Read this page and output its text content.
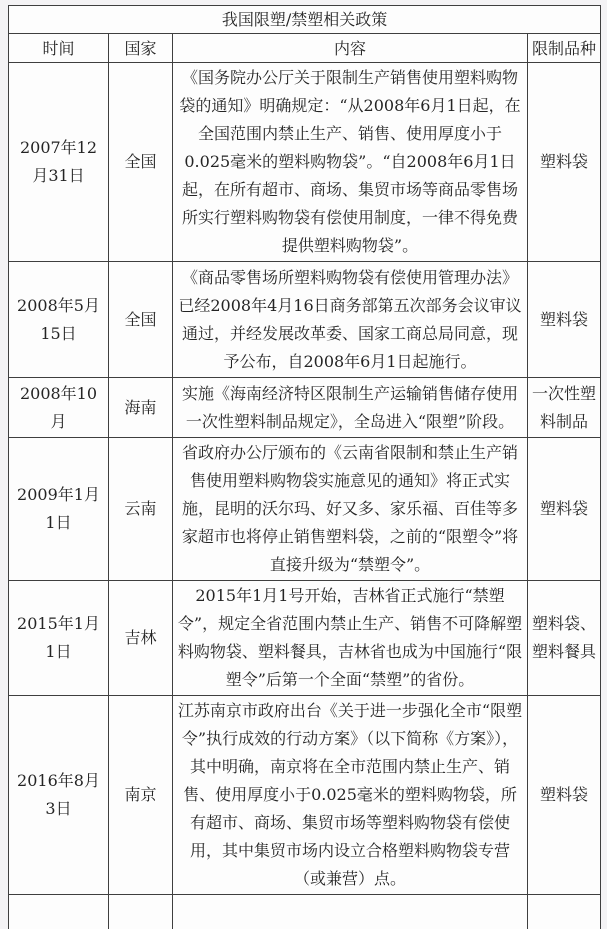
我国限塑/禁塑相关政策			
时间	国家	内容	限制品种
2007年12月31日	全国	《国务院办公厅关于限制生产销售使用塑料购物袋的通知》明确规定：“从2008年6月1日起，在全国范围内禁止生产、销售、使用厚度小于0.025毫米的塑料购物袋”。“自2008年6月1日起，在所有超市、商场、集贸市场等商品零售场所实行塑料购物袋有偿使用制度，一律不得免费提供塑料购物袋”。	塑料袋
2008年5月15日	全国	《商品零售场所塑料购物袋有偿使用管理办法》已经2008年4月16日商务部第五次部务会议审议通过，并经发展改革委、国家工商总局同意，现予公布，自2008年6月1日起施行。	塑料袋
2008年10月	海南	实施《海南经济特区限制生产运输销售储存使用一次性塑料制品规定》，全岛进入“限塑”阶段。	一次性塑料制品
2009年1月1日	云南	省政府办公厅颁布的《云南省限制和禁止生产销售使用塑料购物袋实施意见的通知》将正式实施，昆明的沃尔玛、好又多、家乐福、百佳等多家超市也将停止销售塑料袋，之前的“限塑令”将直接升级为“禁塑令”。	塑料袋
2015年1月1日	吉林	2015年1月1号开始，吉林省正式施行“禁塑令”，规定全省范围内禁止生产、销售不可降解塑料购物袋、塑料餐具，吉林省也成为中国施行“限塑令”后第一个全面“禁塑”的省份。	塑料袋、塑料餐具
2016年8月3日	南京	江苏南京市政府出台《关于进一步强化全市“限塑令”执行成效的行动方案》（以下简称《方案》），其中明确，南京将在全市范围内禁止生产、销售、使用厚度小于0.025毫米的塑料购物袋，所有超市、商场、集贸市场等塑料购物袋有偿使用，其中集贸市场内设立合格塑料购物袋专营（或兼营）点。	塑料袋
